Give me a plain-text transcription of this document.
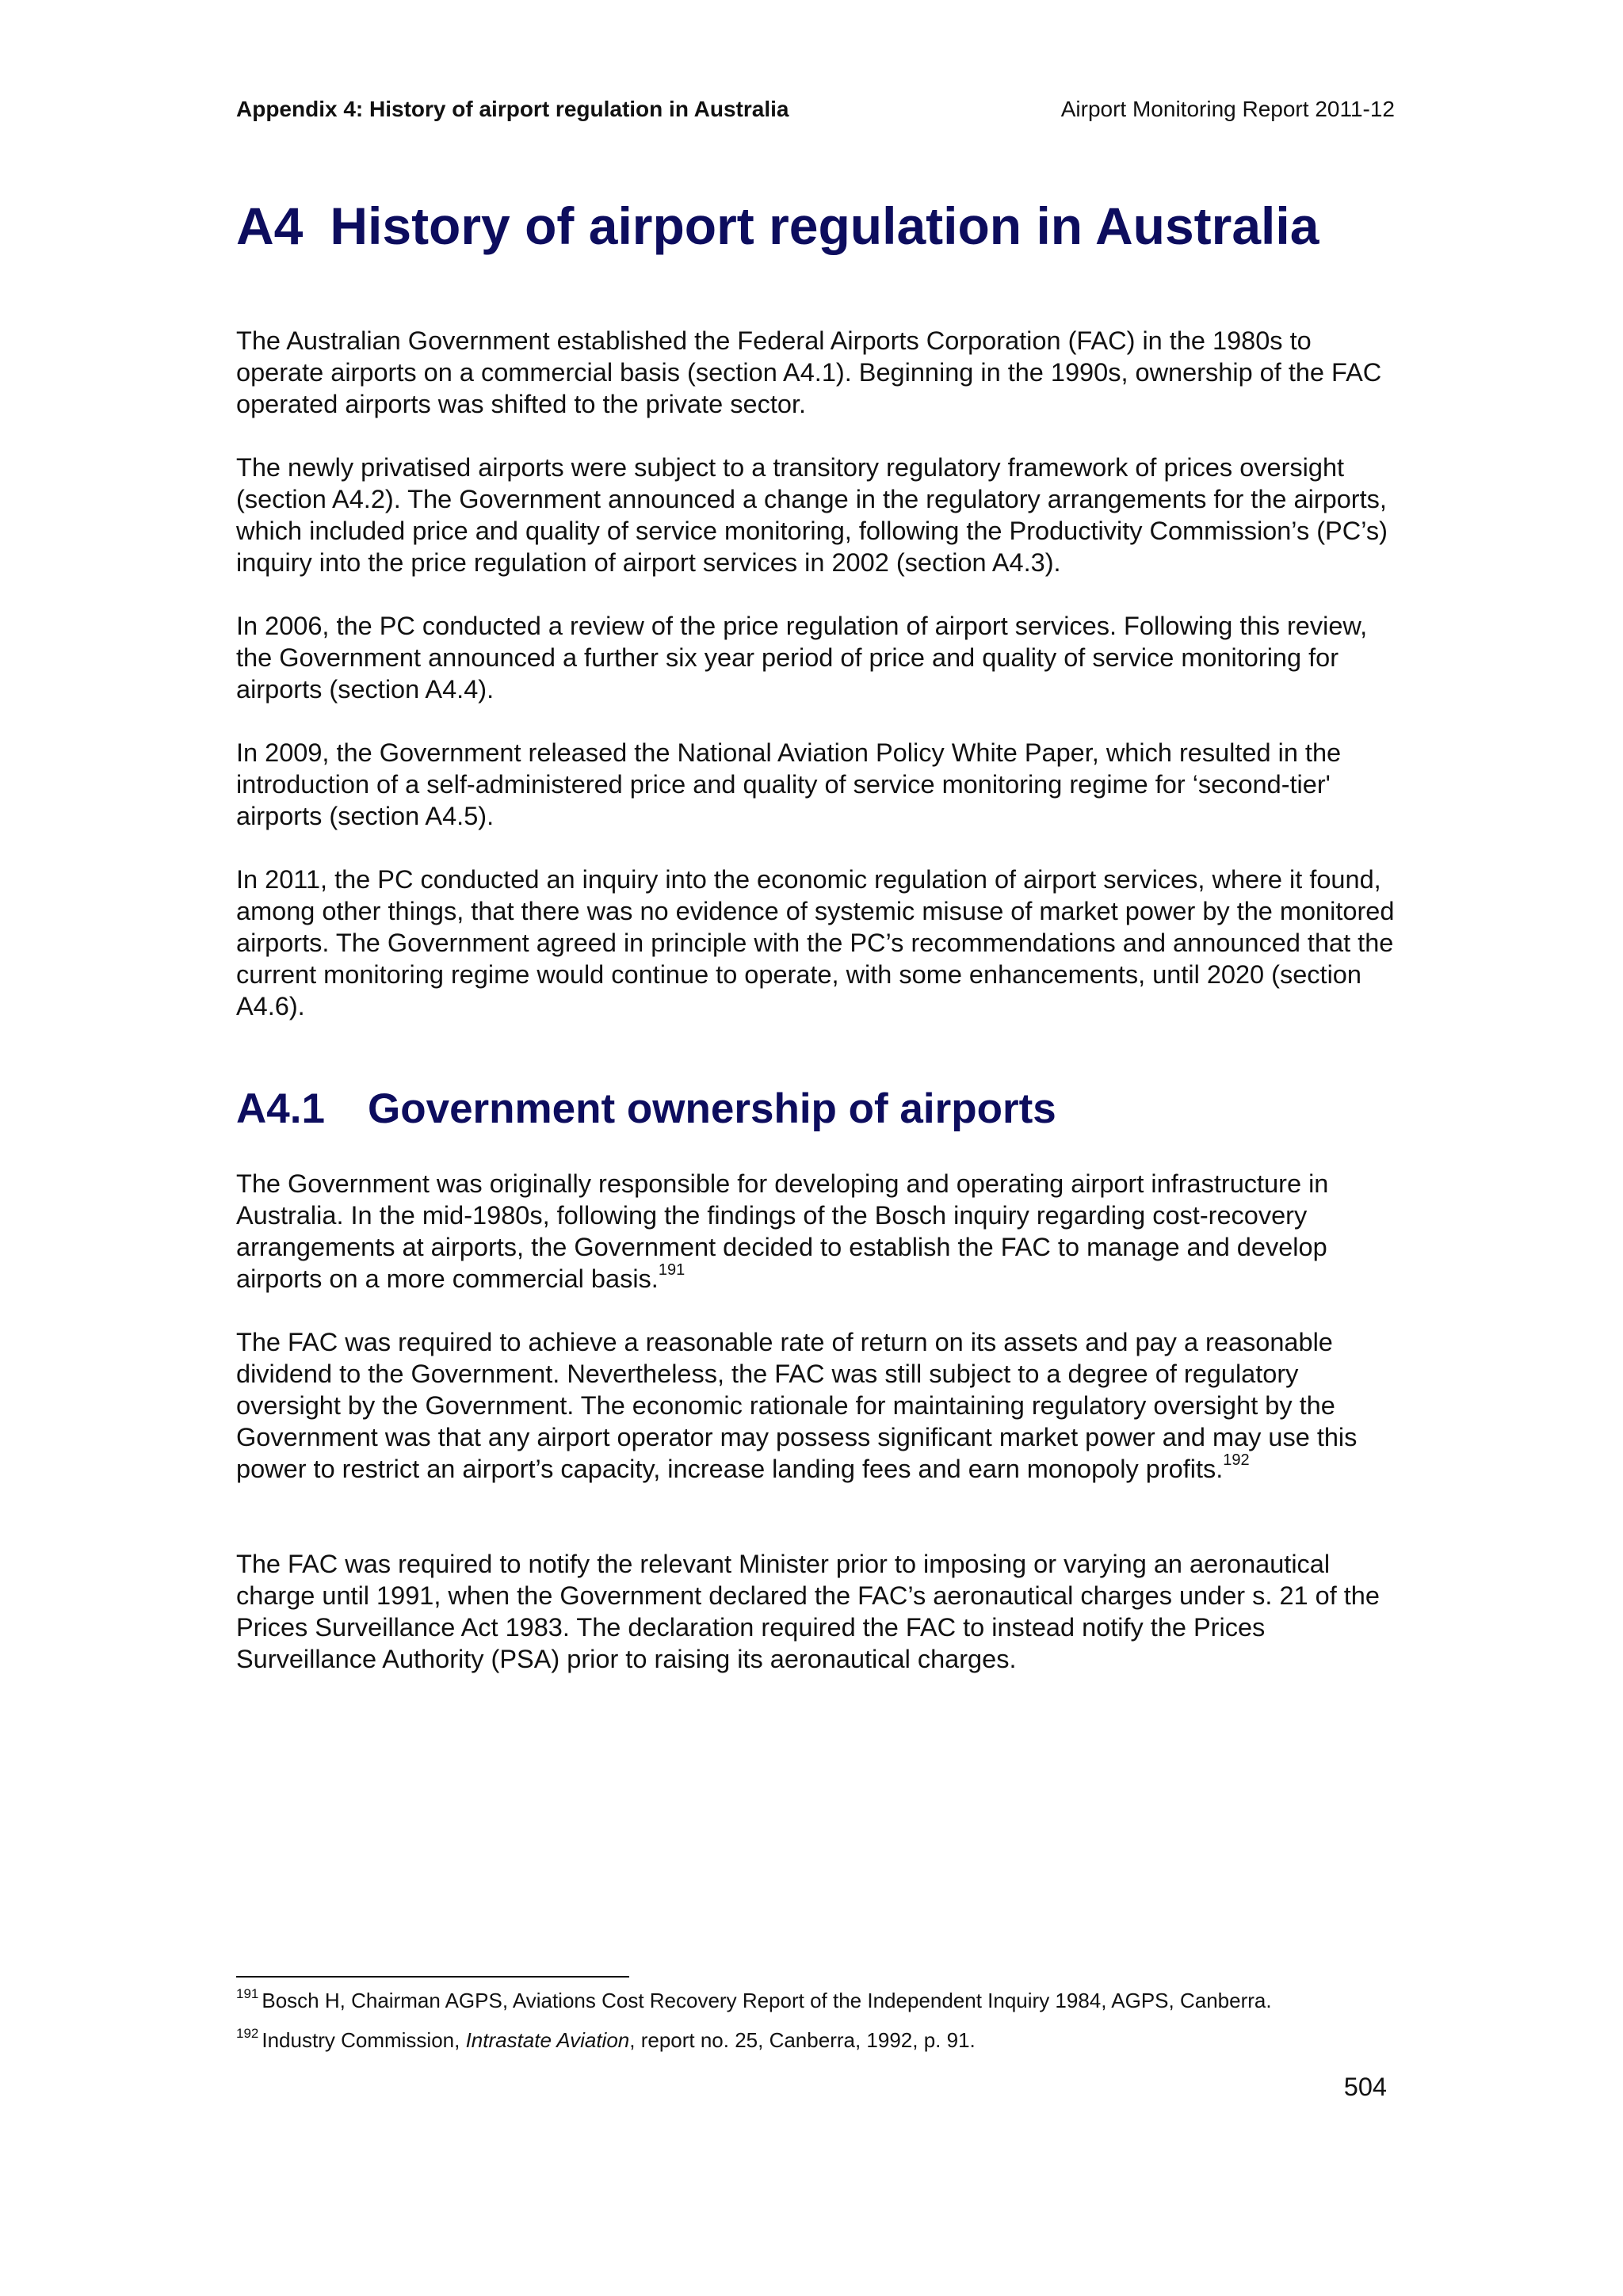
Appendix 4: History of airport regulation in Australia	Airport Monitoring Report 2011-12
A4 History of airport regulation in Australia

The Australian Government established the Federal Airports Corporation (FAC) in the 1980s to operate airports on a commercial basis (section A4.1). Beginning in the 1990s, ownership of the FAC operated airports was shifted to the private sector.

The newly privatised airports were subject to a transitory regulatory framework of prices oversight (section A4.2). The Government announced a change in the regulatory arrangements for the airports, which included price and quality of service monitoring, following the Productivity Commission’s (PC’s) inquiry into the price regulation of airport services in 2002 (section A4.3).

In 2006, the PC conducted a review of the price regulation of airport services. Following this review, the Government announced a further six year period of price and quality of service monitoring for airports (section A4.4).

In 2009, the Government released the National Aviation Policy White Paper, which resulted in the introduction of a self-administered price and quality of service monitoring regime for ‘second-tier' airports (section A4.5).

In 2011, the PC conducted an inquiry into the economic regulation of airport services, where it found, among other things, that there was no evidence of systemic misuse of market power by the monitored airports. The Government agreed in principle with the PC’s recommendations and announced that the current monitoring regime would continue to operate, with some enhancements, until 2020 (section A4.6).

A4.1 Government ownership of airports

The Government was originally responsible for developing and operating airport infrastructure in Australia. In the mid-1980s, following the findings of the Bosch inquiry regarding cost-recovery arrangements at airports, the Government decided to establish the FAC to manage and develop airports on a more commercial basis.$^{191}$

The FAC was required to achieve a reasonable rate of return on its assets and pay a reasonable dividend to the Government. Nevertheless, the FAC was still subject to a degree of regulatory oversight by the Government. The economic rationale for maintaining regulatory oversight by the Government was that any airport operator may possess significant market power and may use this power to restrict an airport’s capacity, increase landing fees and earn monopoly profits.$^{192}$

The FAC was required to notify the relevant Minister prior to imposing or varying an aeronautical charge until 1991, when the Government declared the FAC’s aeronautical charges under s. 21 of the Prices Surveillance Act 1983. The declaration required the FAC to instead notify the Prices Surveillance Authority (PSA) prior to raising its aeronautical charges.

$^{191}$ Bosch H, Chairman AGPS, Aviations Cost Recovery Report of the Independent Inquiry 1984, AGPS, Canberra.

$^{192}$ Industry Commission, Intrastate Aviation, report no. 25, Canberra, 1992, p. 91.

504
